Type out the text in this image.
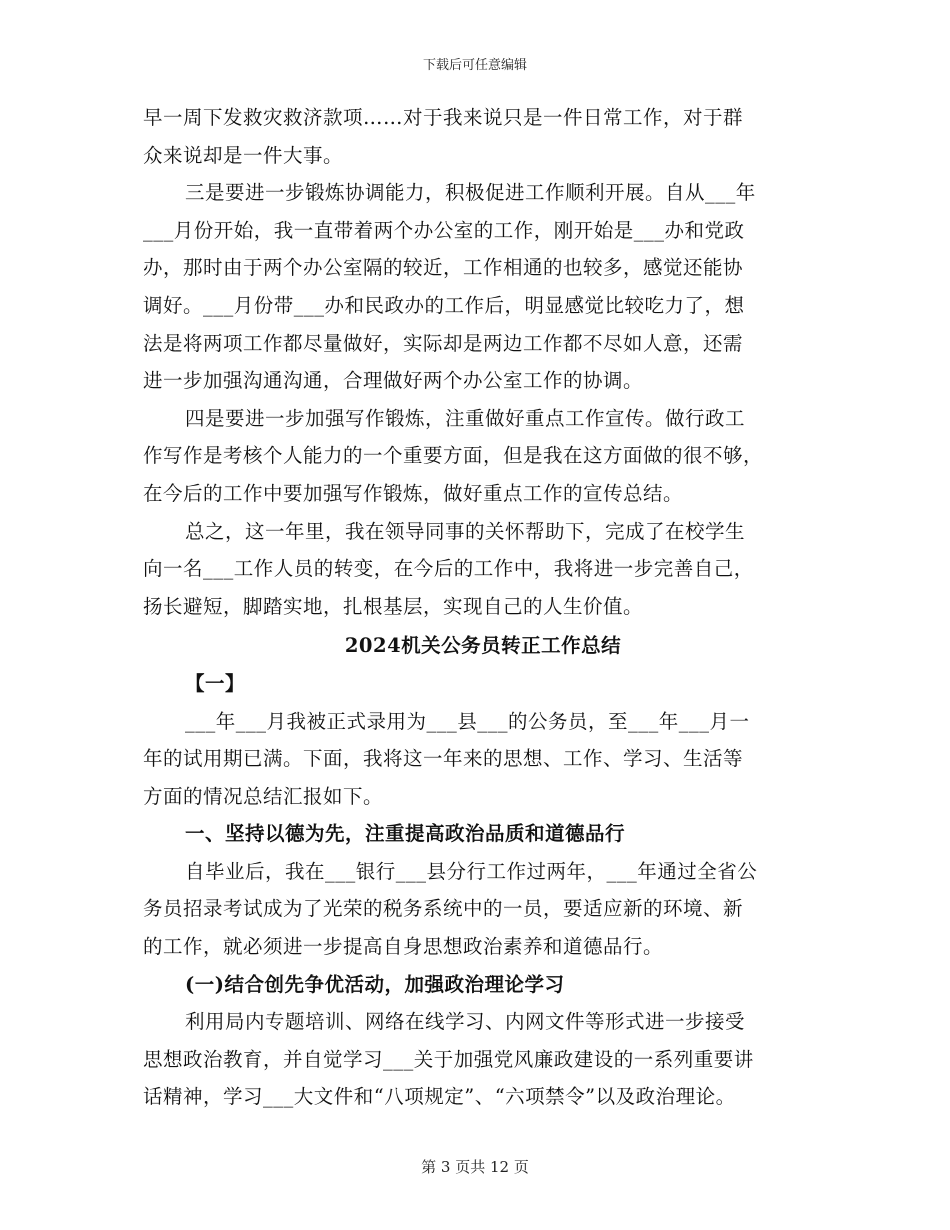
下载后可任意编辑
早一周下发救灾救济款项……对于我来说只是一件日常工作，对于群
众来说却是一件大事。
三是要进一步锻炼协调能力，积极促进工作顺利开展。自从___年
___月份开始，我一直带着两个办公室的工作，刚开始是___办和党政
办，那时由于两个办公室隔的较近，工作相通的也较多，感觉还能协
调好。___月份带___办和民政办的工作后，明显感觉比较吃力了，想
法是将两项工作都尽量做好，实际却是两边工作都不尽如人意，还需
进一步加强沟通沟通，合理做好两个办公室工作的协调。
四是要进一步加强写作锻炼，注重做好重点工作宣传。做行政工
作写作是考核个人能力的一个重要方面，但是我在这方面做的很不够，
在今后的工作中要加强写作锻炼，做好重点工作的宣传总结。
总之，这一年里，我在领导同事的关怀帮助下，完成了在校学生
向一名___工作人员的转变，在今后的工作中，我将进一步完善自己，
扬长避短，脚踏实地，扎根基层，实现自己的人生价值。
2024机关公务员转正工作总结
【一】
___年___月我被正式录用为___县___的公务员，至___年___月一
年的试用期已满。下面，我将这一年来的思想、工作、学习、生活等
方面的情况总结汇报如下。
一、坚持以德为先，注重提高政治品质和道德品行
自毕业后，我在___银行___县分行工作过两年，___年通过全省公
务员招录考试成为了光荣的税务系统中的一员，要适应新的环境、新
的工作，就必须进一步提高自身思想政治素养和道德品行。
(一)结合创先争优活动，加强政治理论学习
利用局内专题培训、网络在线学习、内网文件等形式进一步接受
思想政治教育，并自觉学习___关于加强党风廉政建设的一系列重要讲
话精神，学习___大文件和“八项规定”、“六项禁令”以及政治理论。
第 3 页共 12 页
